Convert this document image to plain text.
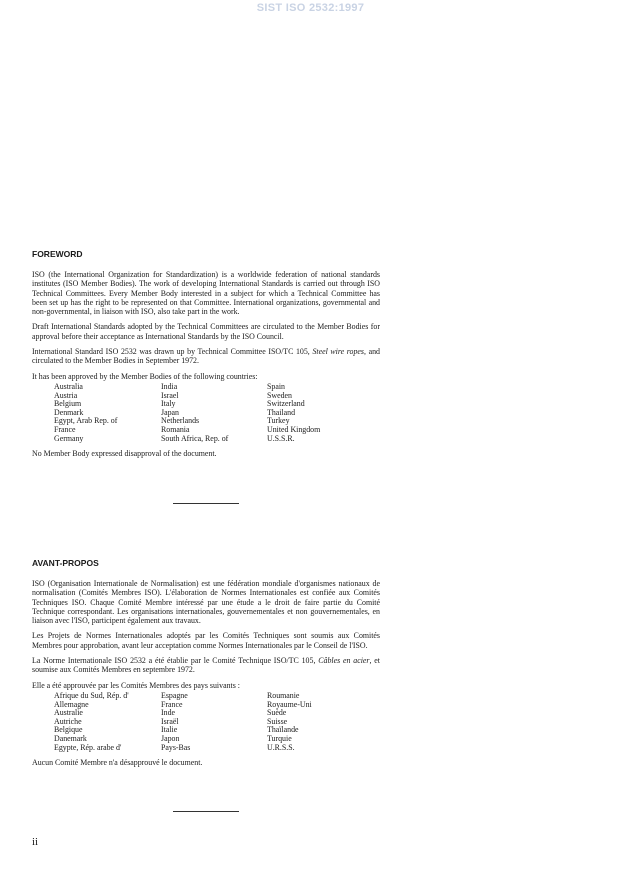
SIST ISO 2532:1997
FOREWORD

ISO (the International Organization for Standardization) is a worldwide federation of national standards institutes (ISO Member Bodies). The work of developing International Standards is carried out through ISO Technical Committees. Every Member Body interested in a subject for which a Technical Committee has been set up has the right to be represented on that Committee. International organizations, governmental and non-governmental, in liaison with ISO, also take part in the work.

Draft International Standards adopted by the Technical Committees are circulated to the Member Bodies for approval before their acceptance as International Standards by the ISO Council.

International Standard ISO 2532 was drawn up by Technical Committee ISO/TC 105, Steel wire ropes, and circulated to the Member Bodies in September 1972.

It has been approved by the Member Bodies of the following countries:

Australia	India	Spain
Austria	Israel	Sweden
Belgium	Italy	Switzerland
Denmark	Japan	Thailand
Egypt, Arab Rep. of	Netherlands	Turkey
France	Romania	United Kingdom
Germany	South Africa, Rep. of	U.S.S.R.

No Member Body expressed disapproval of the document.

AVANT-PROPOS

ISO (Organisation Internationale de Normalisation) est une fédération mondiale d'organismes nationaux de normalisation (Comités Membres ISO). L'élaboration de Normes Internationales est confiée aux Comités Techniques ISO. Chaque Comité Membre intéressé par une étude a le droit de faire partie du Comité Technique correspondant. Les organisations internationales, gouvernementales et non gouvernementales, en liaison avec l'ISO, participent également aux travaux.

Les Projets de Normes Internationales adoptés par les Comités Techniques sont soumis aux Comités Membres pour approbation, avant leur acceptation comme Normes Internationales par le Conseil de l'ISO.

La Norme Internationale ISO 2532 a été établie par le Comité Technique ISO/TC 105, Câbles en acier, et soumise aux Comités Membres en septembre 1972.

Elle a été approuvée par les Comités Membres des pays suivants :

Afrique du Sud, Rép. d'	Espagne	Roumanie
Allemagne	France	Royaume-Uni
Australie	Inde	Suède
Autriche	Israël	Suisse
Belgique	Italie	Thaïlande
Danemark	Japon	Turquie
Egypte, Rép. arabe d'	Pays-Bas	U.R.S.S.

Aucun Comité Membre n'a désapprouvé le document.

ii
